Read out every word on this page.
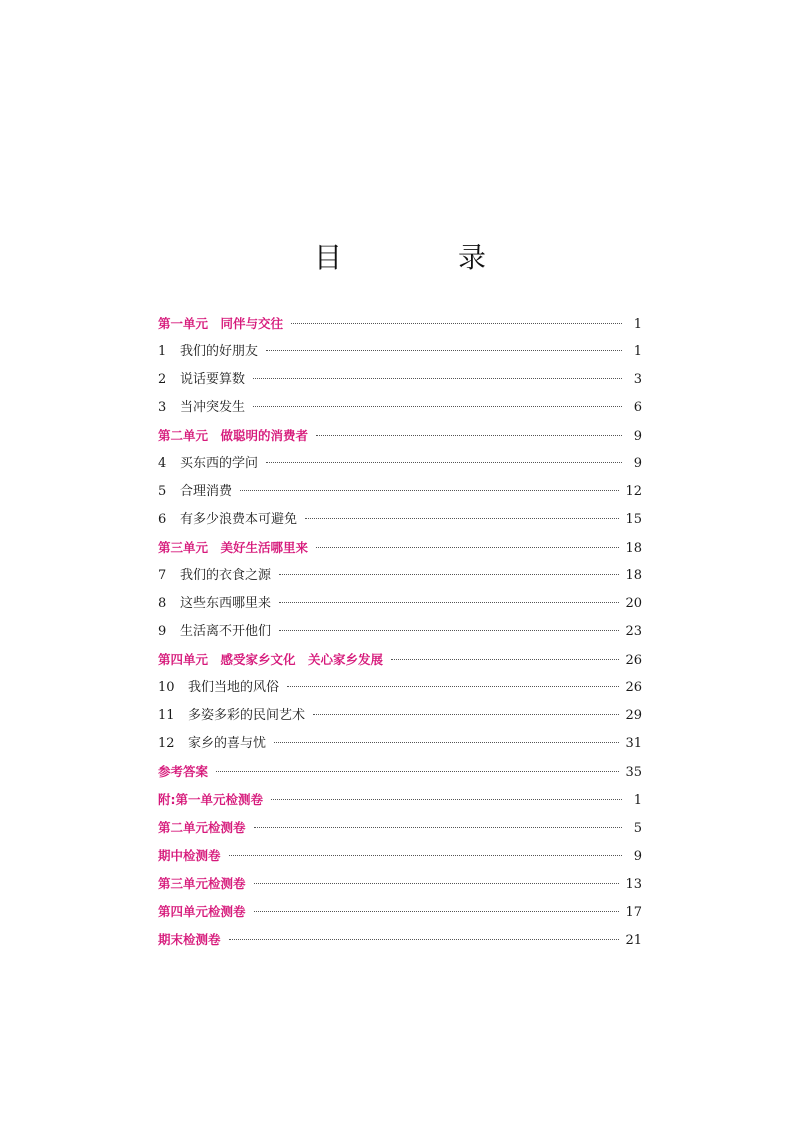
目　录
第一单元　同伴与交往	1
1 我们的好朋友	1
2 说话要算数	3
3 当冲突发生	6
第二单元　做聪明的消费者	9
4 买东西的学问	9
5 合理消费	12
6 有多少浪费本可避免	15
第三单元　美好生活哪里来	18
7 我们的衣食之源	18
8 这些东西哪里来	20
9 生活离不开他们	23
第四单元　感受家乡文化　关心家乡发展	26
10 我们当地的风俗	26
11 多姿多彩的民间艺术	29
12 家乡的喜与忧	31
参考答案	35
附:第一单元检测卷	1
第二单元检测卷	5
期中检测卷	9
第三单元检测卷	13
第四单元检测卷	17
期末检测卷	21
